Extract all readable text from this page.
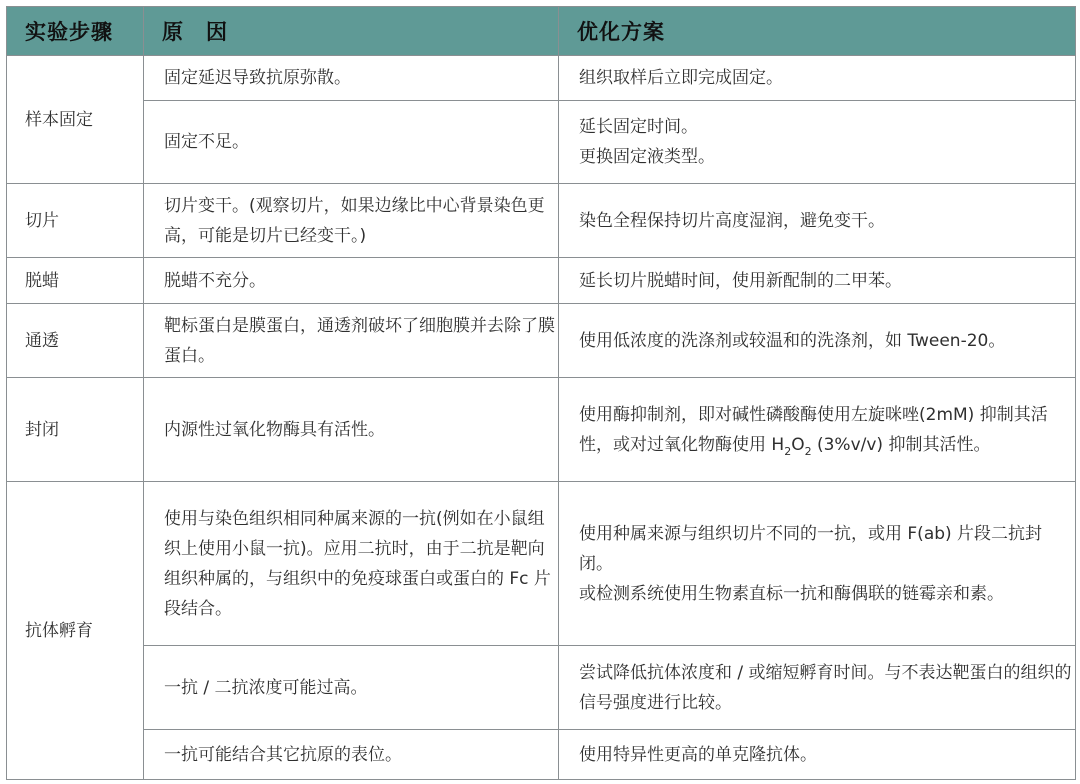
实验步骤	原　因	优化方案
样本固定	固定延迟导致抗原弥散。	组织取样后立即完成固定。
	固定不足。	延长固定时间。
更换固定液类型。

切片	切片变干。(观察切片，如果边缘比中心背景染色更高，可能是切片已经变干。)	染色全程保持切片高度湿润，避免变干。
脱蜡	脱蜡不充分。	延长切片脱蜡时间，使用新配制的二甲苯。
通透	靶标蛋白是膜蛋白，通透剂破坏了细胞膜并去除了膜蛋白。	使用低浓度的洗涤剂或较温和的洗涤剂，如 Tween-20。
封闭	内源性过氧化物酶具有活性。	使用酶抑制剂，即对碱性磷酸酶使用左旋咪唑(2mM) 抑制其活性，或对过氧化物酶使用 $H_2O_2$ (3%v/v) 抑制其活性。
抗体孵育	使用与染色组织相同种属来源的一抗(例如在小鼠组织上使用小鼠一抗)。应用二抗时，由于二抗是靶向组织种属的，与组织中的免疫球蛋白或蛋白的 Fc 片段结合。	使用种属来源与组织切片不同的一抗，或用 F(ab) 片段二抗封闭。
或检测系统使用生物素直标一抗和酶偶联的链霉亲和素。

	一抗 / 二抗浓度可能过高。	尝试降低抗体浓度和 / 或缩短孵育时间。与不表达靶蛋白的组织的信号强度进行比较。
	一抗可能结合其它抗原的表位。	使用特异性更高的单克隆抗体。
